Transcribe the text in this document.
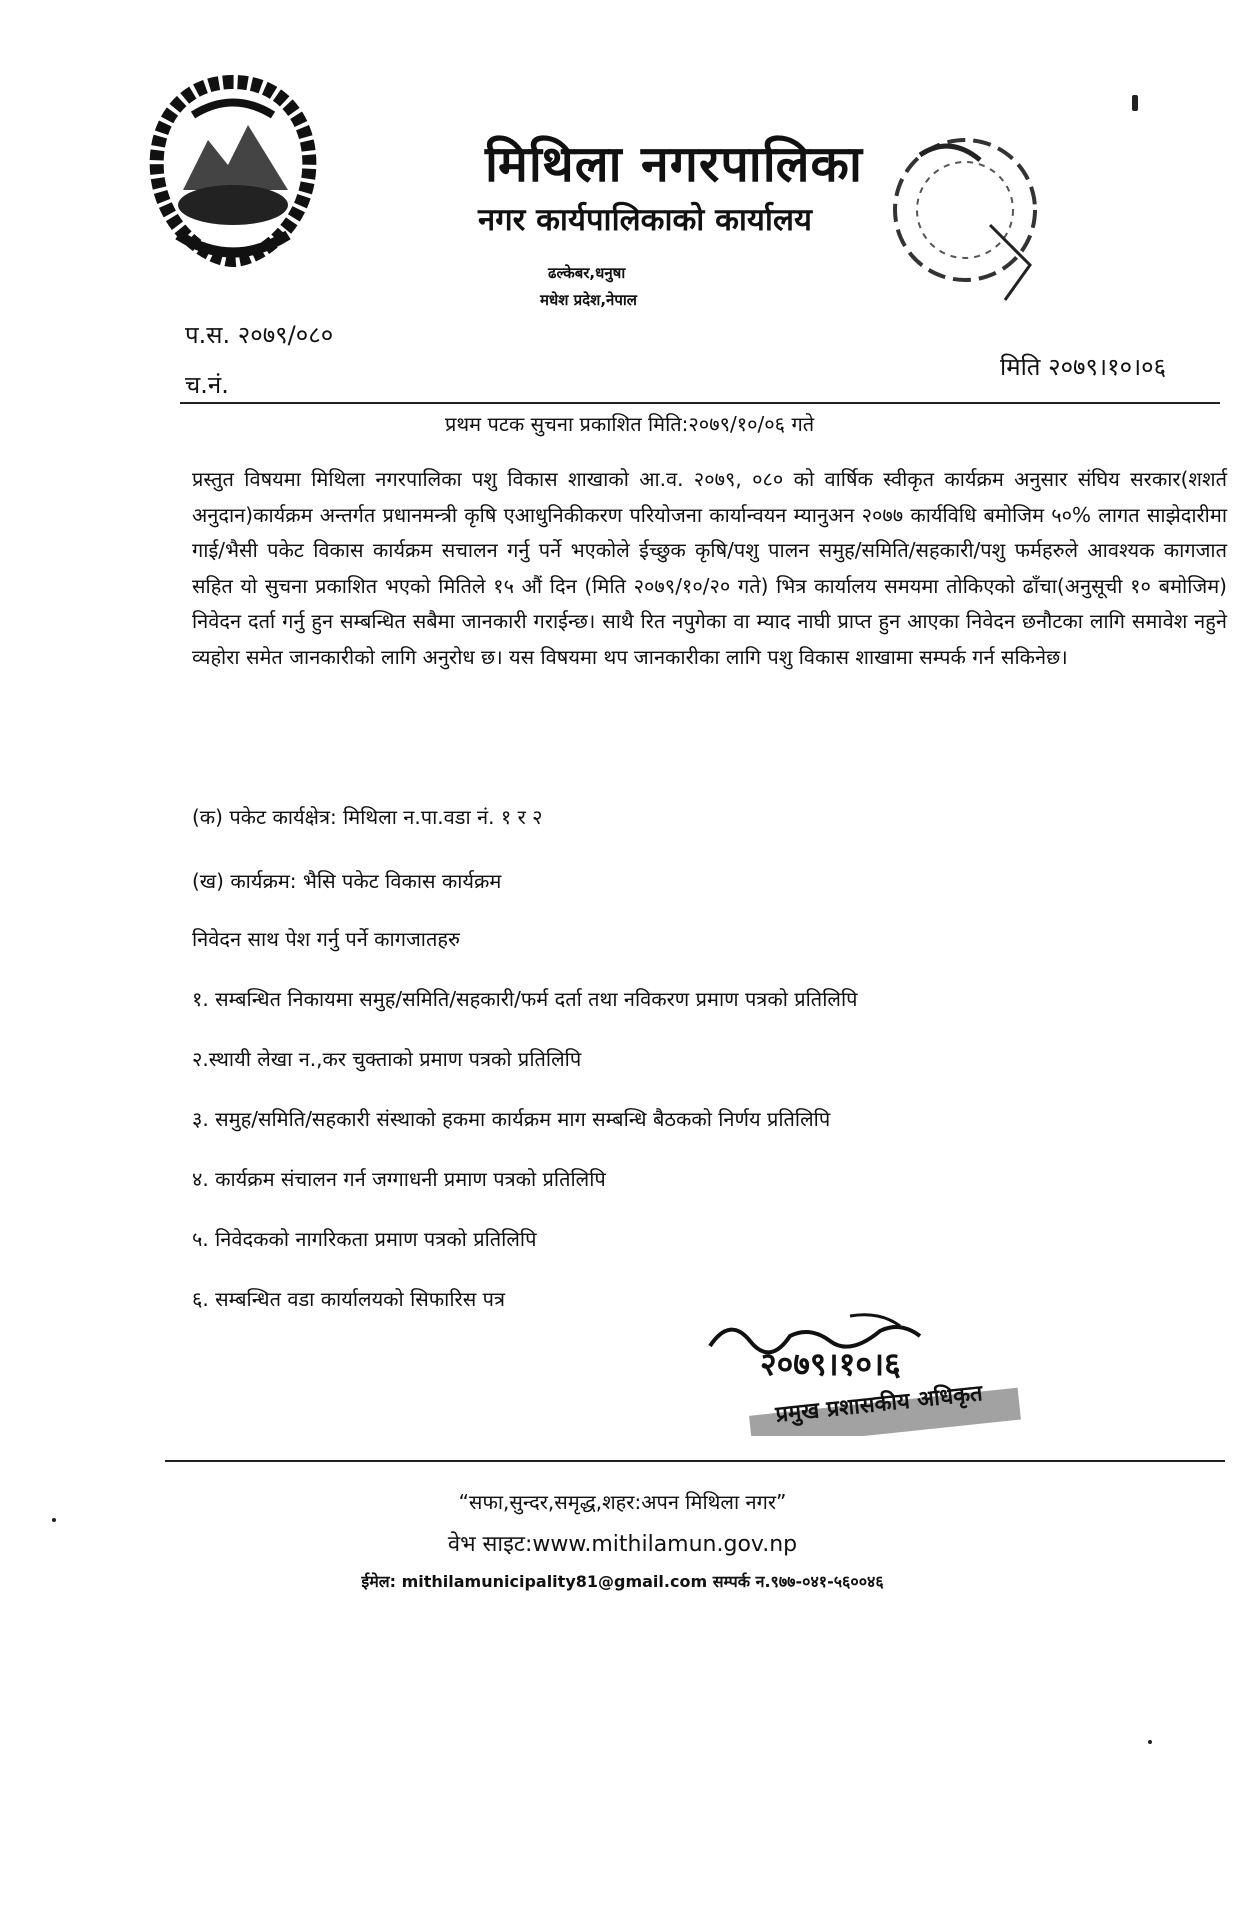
मिथिला नगरपालिका
नगर कार्यपालिकाको कार्यालय
ढल्केबर,धनुषा
मधेश प्रदेश,नेपाल
प.स. २०७९/०८०
च.नं.
मिति २०७९।१०।०६
प्रथम पटक सुचना प्रकाशित मिति:२०७९/१०/०६ गते
प्रस्तुत विषयमा मिथिला नगरपालिका पशु विकास शाखाको आ.व. २०७९, ०८० को वार्षिक स्वीकृत कार्यक्रम अनुसार संघिय सरकार(शशर्त अनुदान)कार्यक्रम अन्तर्गत प्रधानमन्त्री कृषि एआधुनिकीकरण परियोजना कार्यान्वयन म्यानुअन २०७७ कार्यविधि बमोजिम ५०% लागत साझेदारीमा गाई/भैसी पकेट विकास कार्यक्रम सचालन गर्नु पर्ने भएकोले ईच्छुक कृषि/पशु पालन समुह/समिति/सहकारी/पशु फर्महरुले आवश्यक कागजात सहित यो सुचना प्रकाशित भएको मितिले १५ औं दिन (मिति २०७९/१०/२० गते) भित्र कार्यालय समयमा तोकिएको ढाँचा(अनुसूची १० बमोजिम) निवेदन दर्ता गर्नु हुन सम्बन्धित सबैमा जानकारी गराईन्छ। साथै रित नपुगेका वा म्याद नाघी प्राप्त हुन आएका निवेदन छनौटका लागि समावेश नहुने व्यहोरा समेत जानकारीको लागि अनुरोध छ। यस विषयमा थप जानकारीका लागि पशु विकास शाखामा सम्पर्क गर्न सकिनेछ।
(क) पकेट कार्यक्षेत्र: मिथिला न.पा.वडा नं. १ र २
(ख) कार्यक्रम: भैसि पकेट विकास कार्यक्रम
निवेदन साथ पेश गर्नु पर्ने कागजातहरु
१. सम्बन्धित निकायमा समुह/समिति/सहकारी/फर्म दर्ता तथा नविकरण प्रमाण पत्रको प्रतिलिपि
२.स्थायी लेखा न.,कर चुक्ताको प्रमाण पत्रको प्रतिलिपि
३. समुह/समिति/सहकारी संस्थाको हकमा कार्यक्रम माग सम्बन्धि बैठकको निर्णय प्रतिलिपि
४. कार्यक्रम संचालन गर्न जग्गाधनी प्रमाण पत्रको प्रतिलिपि
५. निवेदकको नागरिकता प्रमाण पत्रको प्रतिलिपि
६. सम्बन्धित वडा कार्यालयको सिफारिस पत्र
२०७९।१०।६
प्रमुख प्रशासकीय अधिकृत
“सफा,सुन्दर,समृद्ध,शहर:अपन मिथिला नगर”
वेभ साइट:www.mithilamun.gov.np
ईमेल: mithilamunicipality81@gmail.com सम्पर्क न.९७७-०४१-५६००४६
